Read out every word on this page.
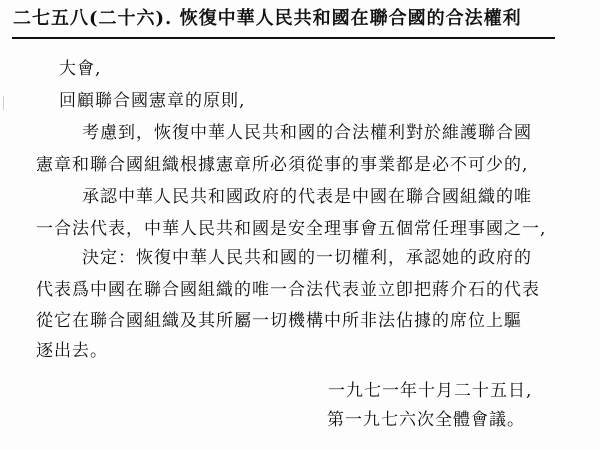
二七五八(二十六). 恢復中華人民共和國在聯合國的合法權利
大會,
回顧聯合國憲章的原則,
考慮到，恢復中華人民共和國的合法權利對於維護聯合國
憲章和聯合國組織根據憲章所必須從事的事業都是必不可少的,
承認中華人民共和國政府的代表是中國在聯合國組織的唯
一合法代表，中華人民共和國是安全理事會五個常任理事國之一,
決定：恢復中華人民共和國的一切權利，承認她的政府的
代表爲中國在聯合國組織的唯一合法代表並立卽把蔣介石的代表
從它在聯合國組織及其所屬一切機構中所非法佔據的席位上驅
逐出去。
一九七一年十月二十五日,
第一九七六次全體會議。
